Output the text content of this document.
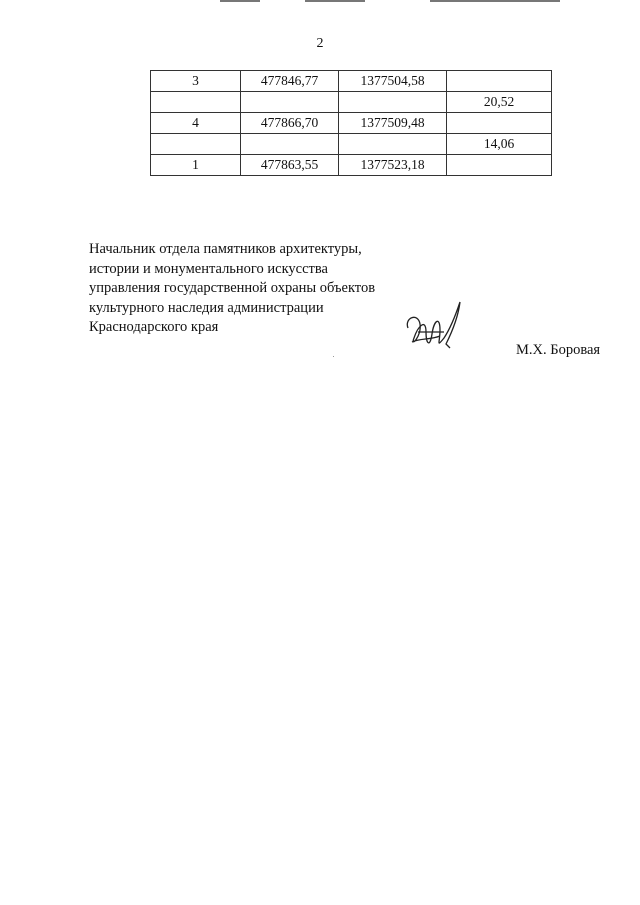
2
3	477846,77	1377504,58	
			20,52
4	477866,70	1377509,48	
			14,06
1	477863,55	1377523,18	
Начальник отдела памятников архитектуры,
истории и монументального искусства
управления государственной охраны объектов
культурного наследия администрации
Краснодарского края
М.Х. Боровая
